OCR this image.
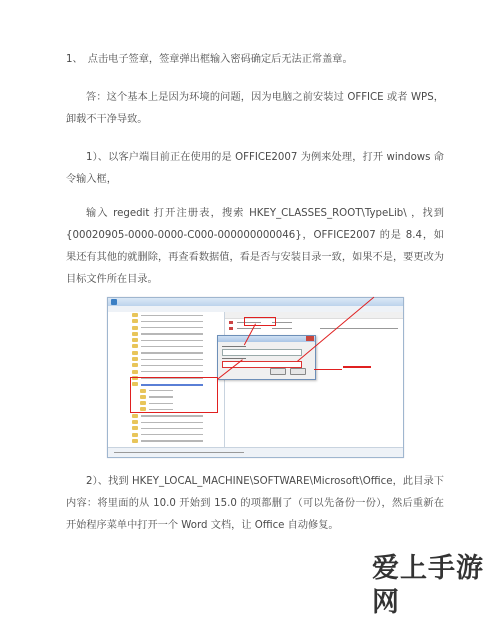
1、　点击电子签章，签章弹出框输入密码确定后无法正常盖章。
答：这个基本上是因为环境的问题，因为电脑之前安装过 OFFICE 或者 WPS，卸载不干净导致。
1）、以客户端目前正在使用的是 OFFICE2007 为例来处理，打开 windows 命令输入框，
输入 regedit 打开注册表，搜索 HKEY_CLASSES_ROOT\TypeLib\ ，找到{00020905-0000-0000-C000-000000000046}，OFFICE2007 的是 8.4，如果还有其他的就删除，再查看数据值，看是否与安装目录一致，如果不是，要更改为目标文件所在目录。
2）、找到 HKEY_LOCAL_MACHINE\SOFTWARE\Microsoft\Office，此目录下内容：将里面的从 10.0 开始到 15.0 的项都删了（可以先备份一份），然后重新在开始程序菜单中打开一个 Word 文档，让 Office 自动修复。
爱上手游网
